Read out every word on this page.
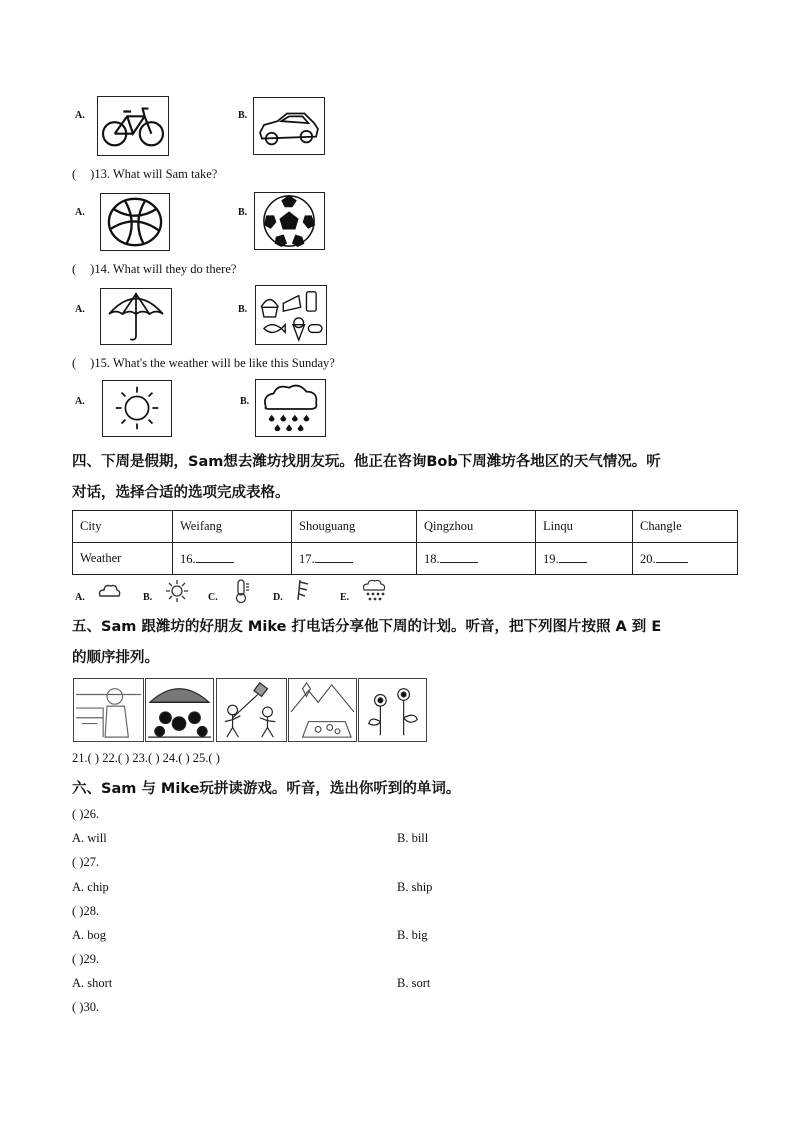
A.	B.
( )13. What will Sam take?
A.	B.
( )14. What will they do there?
A.	B.
( )15. What's the weather will be like this Sunday?
A.	B.
四、下周是假期，Sam想去潍坊找朋友玩。他正在咨询Bob下周潍坊各地区的天气情况。听
对话，选择合适的选项完成表格。
City	Weifang	Shouguang	Qingzhou	Linqu	Changle
Weather	16.	17.	18.	19.	20.
A.	B.	C.	D.	E.
五、Sam 跟潍坊的好朋友 Mike 打电话分享他下周的计划。听音，把下列图片按照 A 到 E
的顺序排列。
21.( ) 22.( ) 23.( ) 24.( ) 25.( )
六、Sam 与 Mike玩拼读游戏。听音，选出你听到的单词。
( )26.
A. will	B. bill
( )27.
A. chip	B. ship
( )28.
A. bog	B. big
( )29.
A. short	B. sort
( )30.
